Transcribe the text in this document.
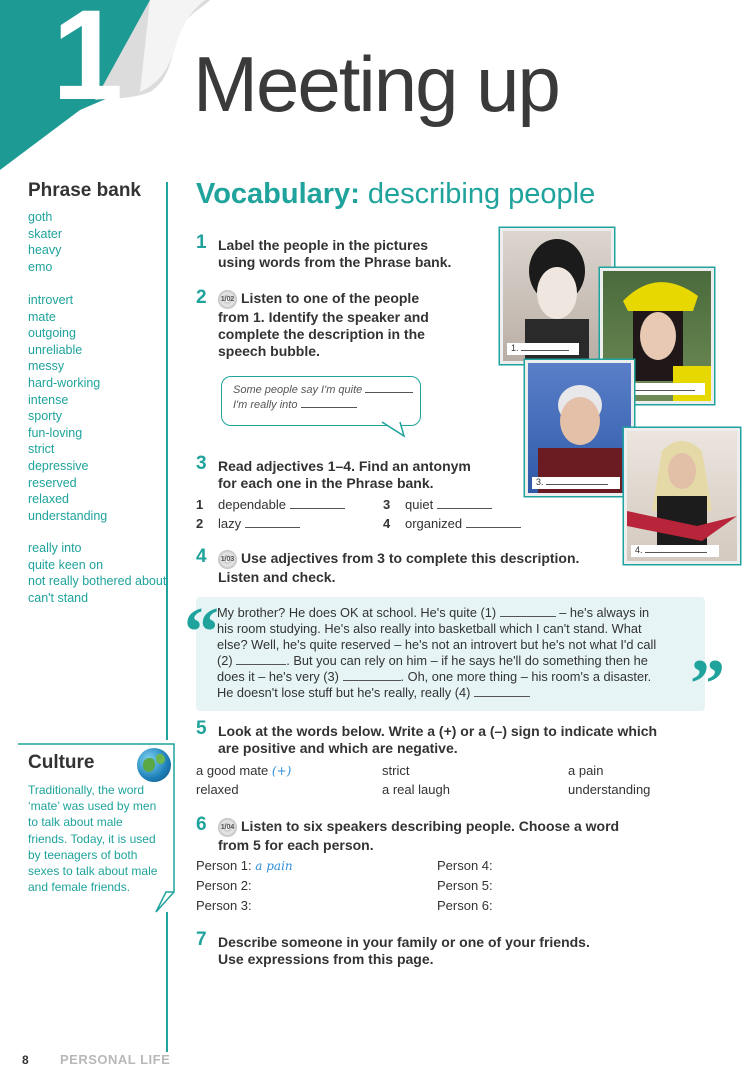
1 Meeting up
Phrase bank
goth
skater
heavy
emo
introvert
mate
outgoing
unreliable
messy
hard-working
intense
sporty
fun-loving
strict
depressive
reserved
relaxed
understanding
really into
quite keen on
not really bothered about
can't stand
Culture
Traditionally, the word ‘mate’ was used by men to talk about male friends. Today, it is used by teenagers of both sexes to talk about male and female friends.
Vocabulary: describing people
1 Label the people in the pictures
using words from the Phrase bank.
2	1/02 Listen to one of the people
from 1. Identify the speaker and
complete the description in the
speech bubble.
Some people say I'm quite
I'm really into
3 Read adjectives 1–4. Find an antonym
for each one in the Phrase bank.
1 dependable
2 lazy
3 quiet
4 organized
1.
3.
4.
4	1/03 Use adjectives from 3 to complete this description.
Listen and check.
“
”
My brother? He does OK at school. He's quite (1)	– he's always in
his room studying. He's also really into basketball which I can't stand. What
else? Well, he's quite reserved – he's not an introvert but he's not what I'd call
(2)	. But you can rely on him – if he says he'll do something then he
does it – he's very (3)	. Oh, one more thing – his room's a disaster.
He doesn't lose stuff but he's really, really (4)
5 Look at the words below. Write a (+) or a (–) sign to indicate which
are positive and which are negative.
a good mate (+)	strict	a pain
relaxed	a real laugh	understanding
6	1/04 Listen to six speakers describing people. Choose a word
from 5 for each person.
Person 1: a pain
Person 2:
Person 3:
Person 4:
Person 5:
Person 6:
7 Describe someone in your family or one of your friends.
Use expressions from this page.
8 PERSONAL LIFE
